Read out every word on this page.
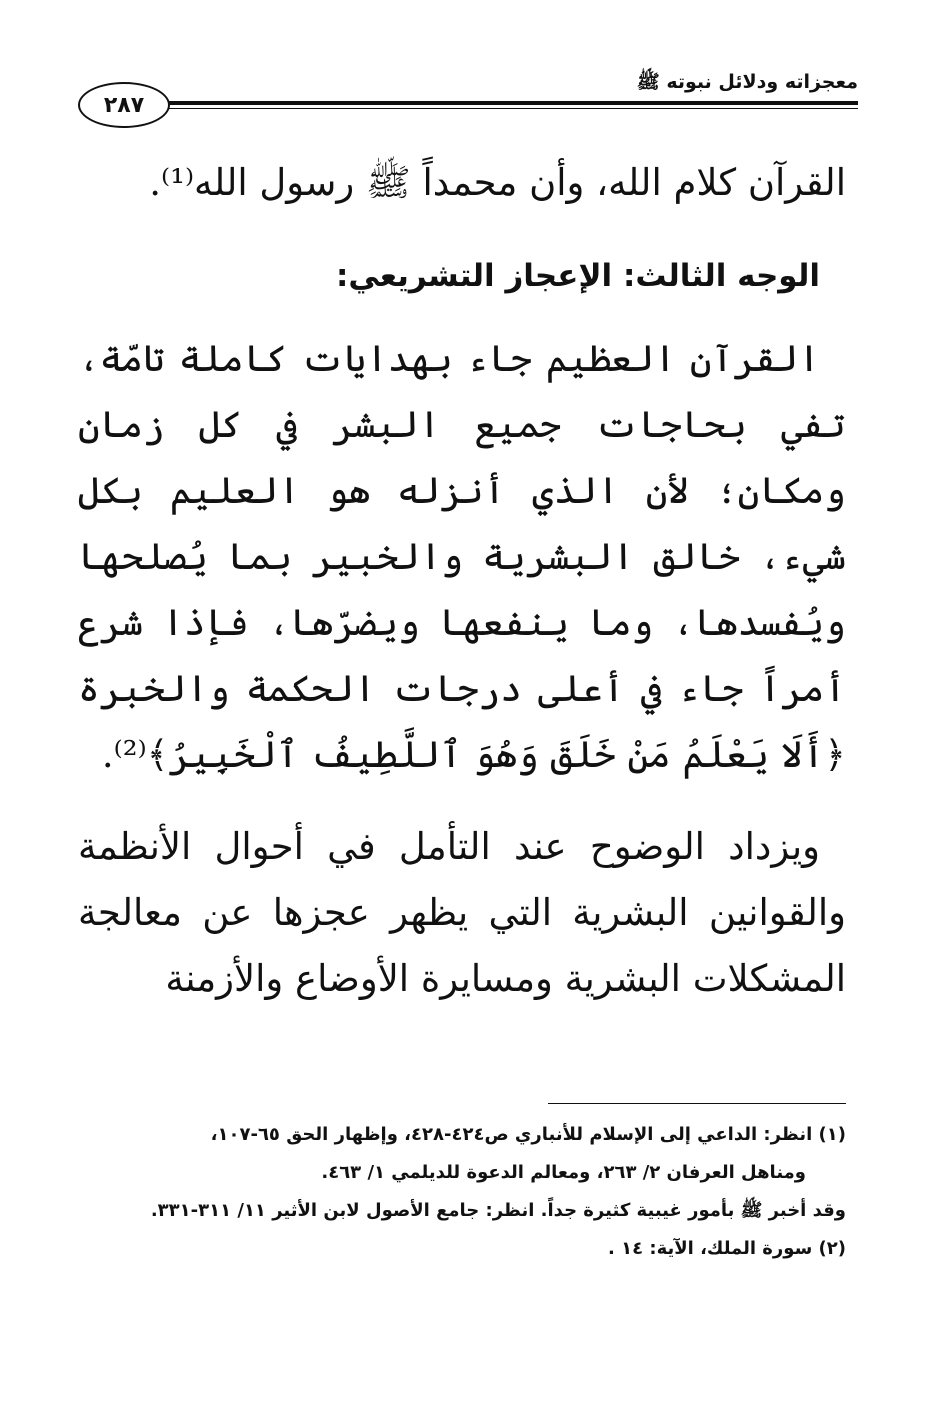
٢٨٧
معجزاته ودلائل نبوته ﷺ
القرآن كلام الله، وأن محمداً ﷺ رسول الله⁽¹⁾.
الوجه الثالث: الإعجاز التشريعي:
القرآن العظيم جاء بهدايات كاملة تامّة، تفي بحاجات جميع البشر في كل زمان ومكان؛ لأن الذي أنزله هو العليم بكل شيء، خالق البشرية والخبير بما يُصلحها ويُفسدها، وما ينفعها ويضرّها، فإذا شرع أمراً جاء في أعلى درجات الحكمة والخبرة ﴿أَلَا يَعْلَمُ مَنْ خَلَقَ وَهُوَ ٱللَّطِيفُ ٱلْخَبِيرُ﴾⁽²⁾.
ويزداد الوضوح عند التأمل في أحوال الأنظمة والقوانين البشرية التي يظهر عجزها عن معالجة المشكلات البشرية ومسايرة الأوضاع والأزمنة

(١) انظر: الداعي إلى الإسلام للأنباري ص٤٢٤-٤٢٨، وإظهار الحق ٦٥-١٠٧،

ومناهل العرفان ٢/ ٢٦٣، ومعالم الدعوة للديلمي ١/ ٤٦٣.

وقد أخبر ﷺ بأمور غيبية كثيرة جداً. انظر: جامع الأصول لابن الأثير ١١/ ٣١١-٣٣١.

(٢) سورة الملك، الآية: ١٤ .
